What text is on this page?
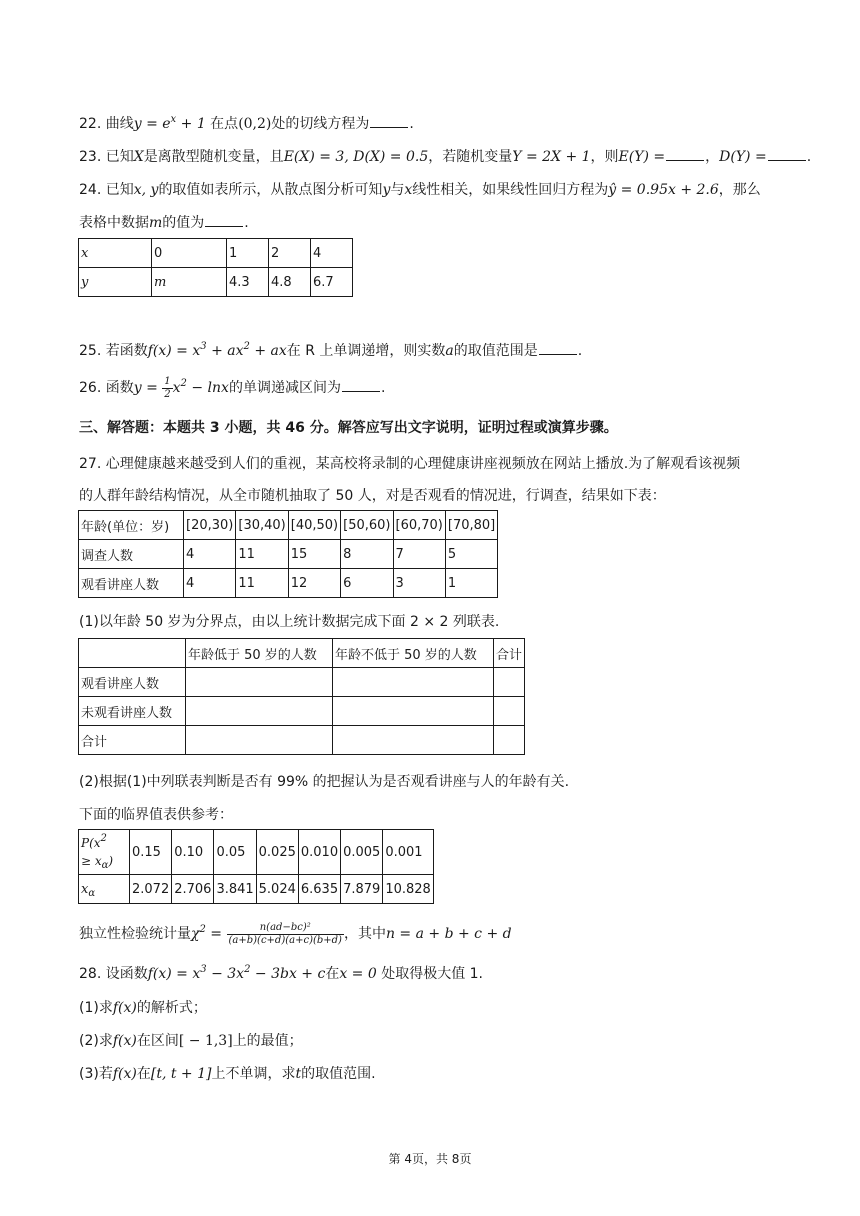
22. 曲线$y = e^x + 1$ 在点(0,2)处的切线方程为	.
23. 已知X是离散型随机变量，且E(X) = 3, D(X) = 0.5，若随机变量Y = 2X + 1，则E(Y) =	，D(Y) =	.
24. 已知x, y的取值如表所示，从散点图分析可知y与x线性相关，如果线性回归方程为ŷ = 0.95x + 2.6，那么
表格中数据m的值为	.
x	0	1	2	4
y	m	4.3	4.8	6.7
25. 若函数$f(x) = x^3 + ax^2$ + ax在 R 上单调递增，则实数a的取值范围是	.
26. 函数$y = \frac{1}{2} x^2 - \ln x$的单调递减区间为	.
三、解答题：本题共 3 小题，共 46 分。解答应写出文字说明，证明过程或演算步骤。
27. 心理健康越来越受到人们的重视，某高校将录制的心理健康讲座视频放在网站上播放.为了解观看该视频
的人群年龄结构情况，从全市随机抽取了 50 人，对是否观看的情况进，行调查，结果如下表：
年龄(单位：岁)	[20,30)	[30,40)	[40,50)	[50,60)	[60,70)	[70,80]
调查人数	4	11	15	8	7	5
观看讲座人数	4	11	12	6	3	1
(1)以年龄 50 岁为分界点，由以上统计数据完成下面 2 × 2 列联表.
	年龄低于 50 岁的人数	年龄不低于 50 岁的人数	合计
观看讲座人数			
未观看讲座人数			
合计			
(2)根据(1)中列联表判断是否有 99% 的把握认为是否观看讲座与人的年龄有关.
下面的临界值表供参考：
$P(x^2$
≥ $x_\alpha$)	0.15	0.10	0.05	0.025	0.010	0.005	0.001
$x_\alpha$	2.072	2.706	3.841	5.024	6.635	7.879	10.828
独立性检验统计量$\chi^2 = \frac{\text{n(ad−bc)²}}{(a+b)(c+d)(a+c)(b+d)}$ ，其中n = a + b + c + d
28. 设函数$f(x) = x^3 - 3x^2 - 3bx + c$在x = 0 处取得极大值 1.
(1)求f(x)的解析式；
(2)求f(x)在区间[ − 1,3]上的最值；
(3)若f(x)在[t, t + 1]上不单调，求t的取值范围.
第 4页，共 8页
